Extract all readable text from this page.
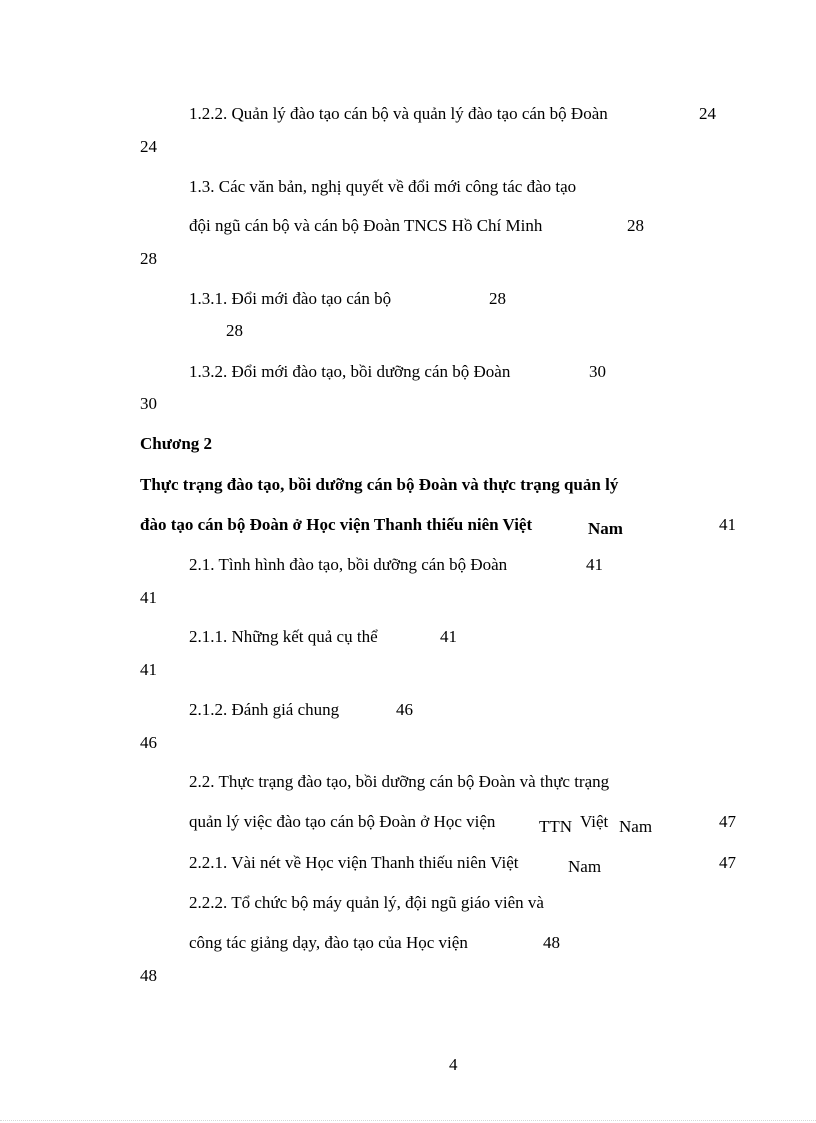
1.2.2. Quản lý đào tạo cán bộ và quản lý đào tạo cán bộ Đoàn	24
24
1.3. Các văn bản, nghị quyết về đổi mới công tác đào tạo
đội ngũ cán bộ và cán bộ Đoàn TNCS Hồ Chí Minh	28
28
1.3.1. Đổi mới đào tạo cán bộ	28
28
1.3.2. Đổi mới đào tạo, bồi dưỡng cán bộ Đoàn	30
30
Chương 2
Thực trạng đào tạo, bồi dưỡng cán bộ Đoàn và thực trạng quản lý
đào tạo cán bộ Đoàn ở Học viện Thanh thiếu niên Việt	Nam	41
2.1. Tình hình đào tạo, bồi dưỡng cán bộ Đoàn	41
41
2.1.1. Những kết quả cụ thể	41
41
2.1.2. Đánh giá chung	46
46
2.2. Thực trạng đào tạo, bồi dưỡng cán bộ Đoàn và thực trạng
quản lý việc đào tạo cán bộ Đoàn ở Học viện	TTN Việt Nam	47
2.2.1. Vài nét về Học viện Thanh thiếu niên Việt	Nam	47
2.2.2. Tổ chức bộ máy quản lý, đội ngũ giáo viên và
công tác giảng dạy, đào tạo của Học viện	48
48
4
